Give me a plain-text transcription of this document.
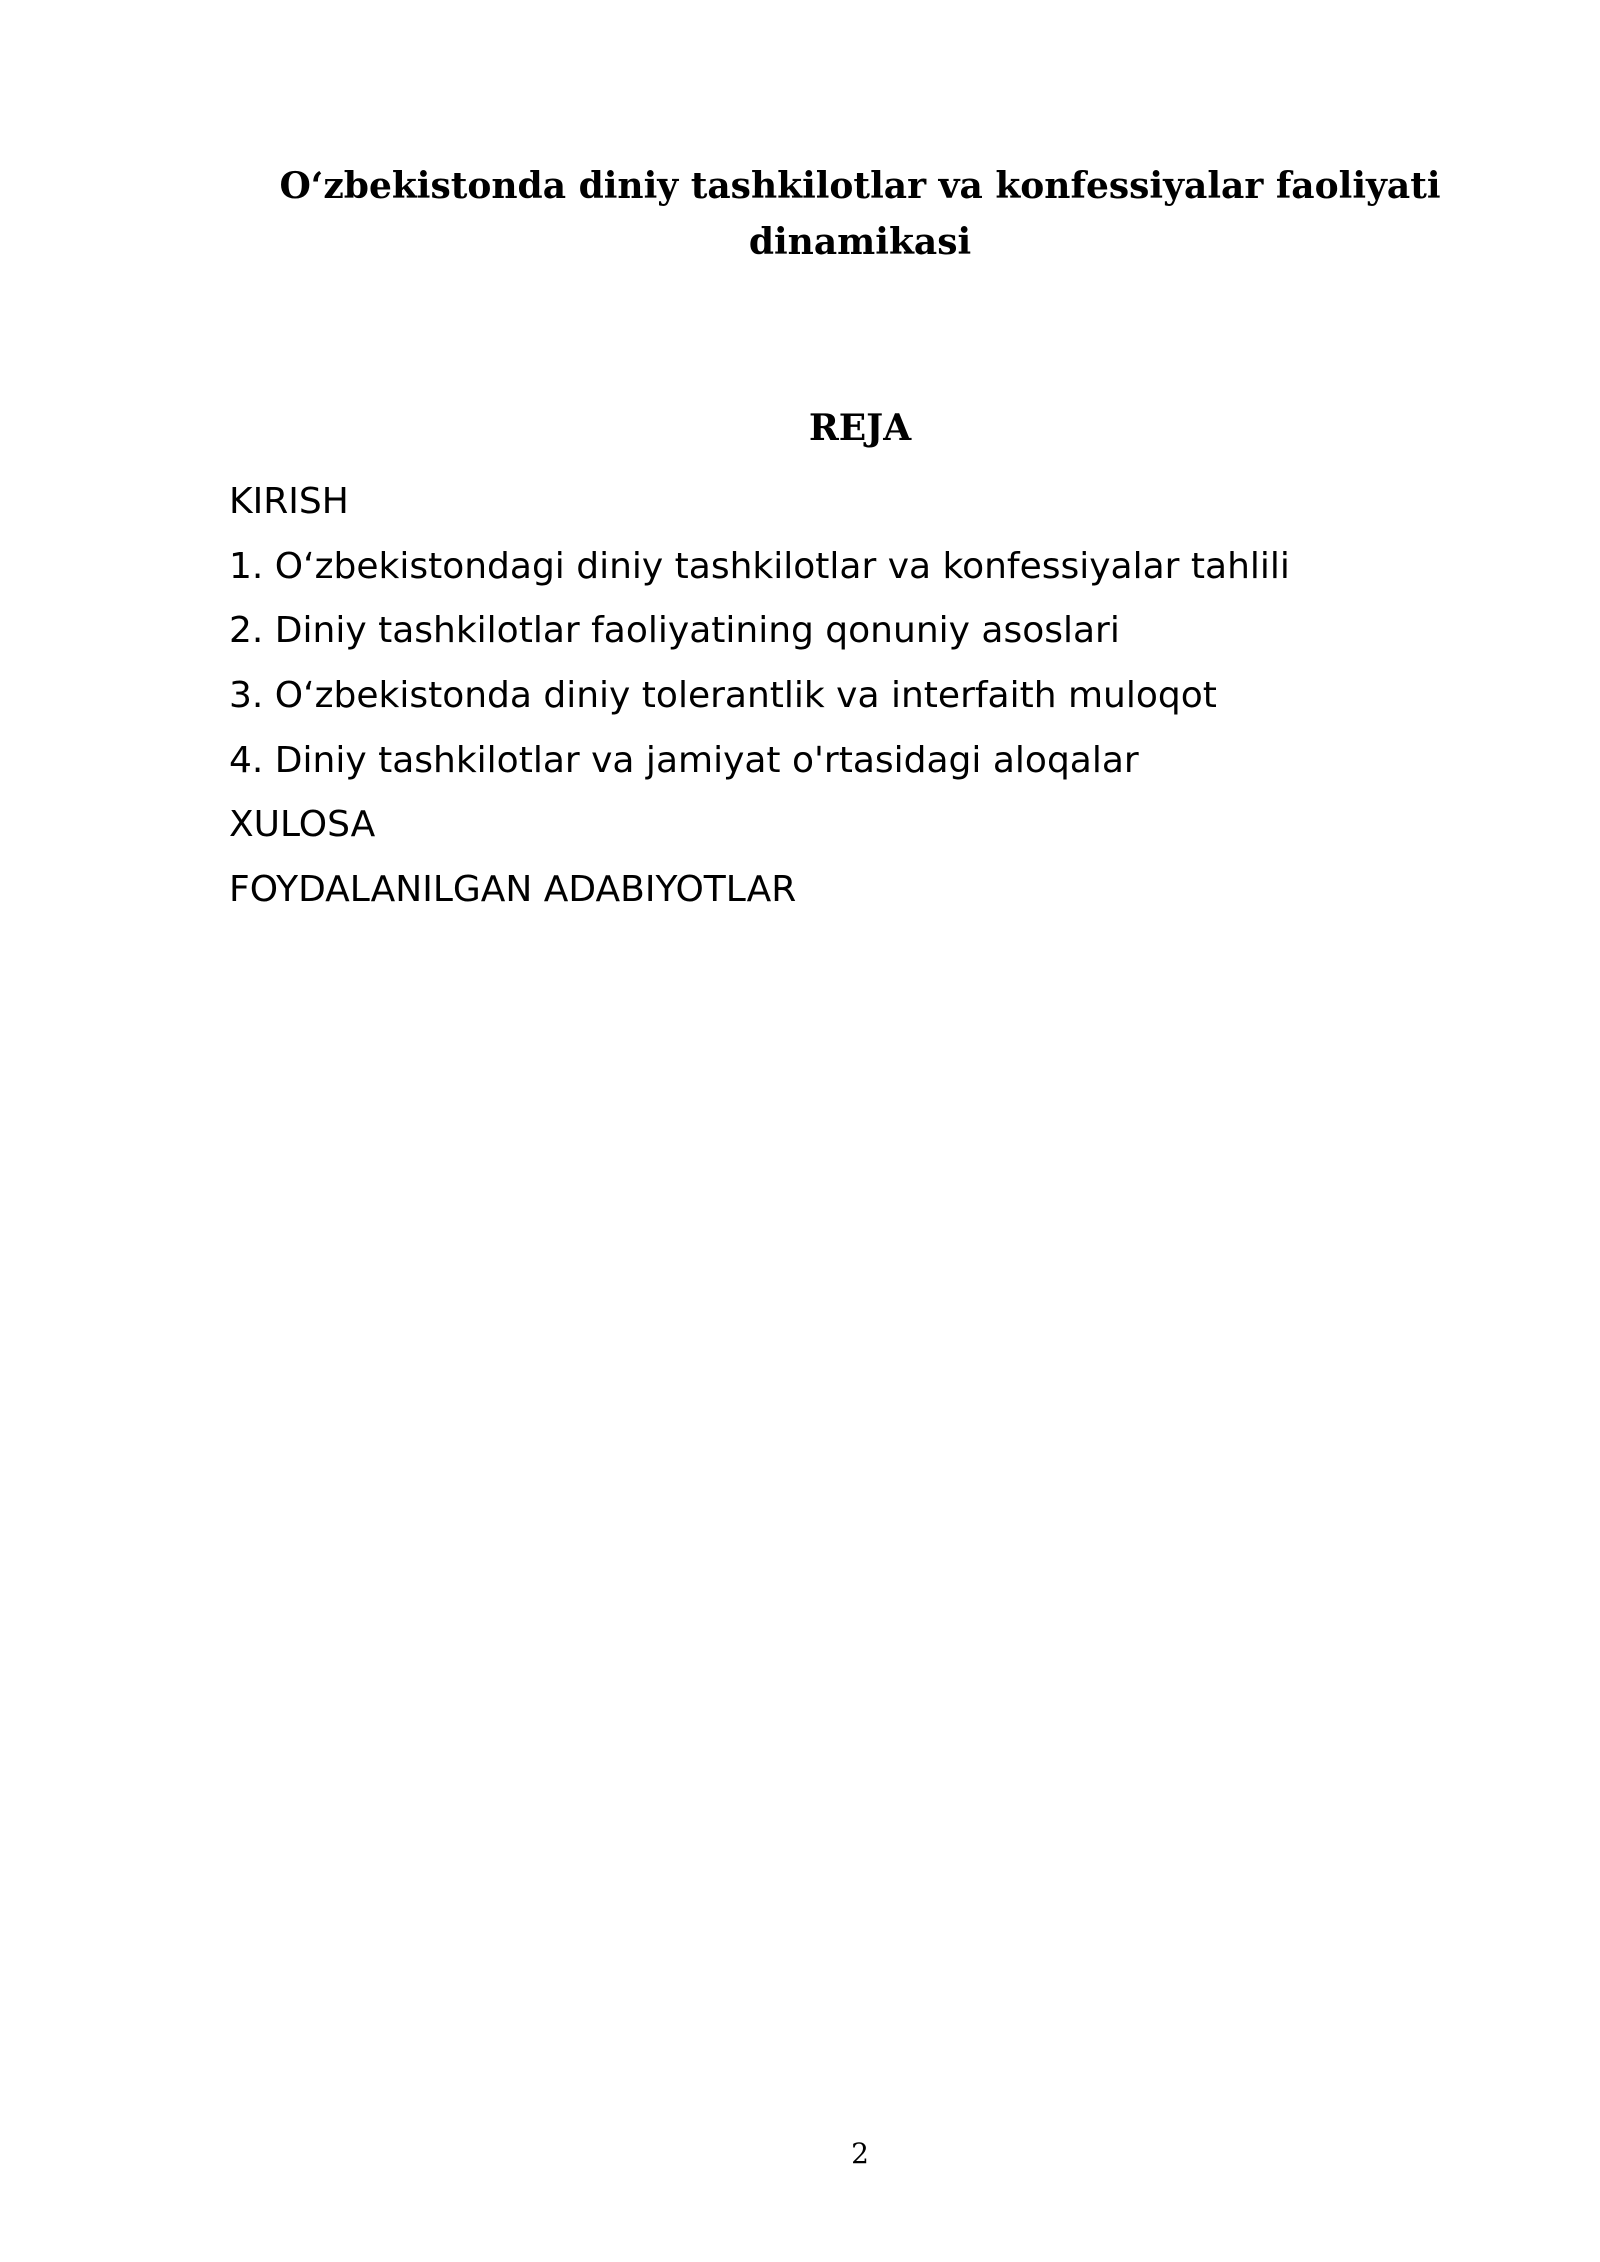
O‘zbekistonda diniy tashkilotlar va konfessiyalar faoliyati
dinamikasi
REJA
KIRISH
1. O‘zbekistondagi diniy tashkilotlar va konfessiyalar tahlili
2. Diniy tashkilotlar faoliyatining qonuniy asoslari
3. O‘zbekistonda diniy tolerantlik va interfaith muloqot
4. Diniy tashkilotlar va jamiyat o'rtasidagi aloqalar
XULOSA
FOYDALANILGAN ADABIYOTLAR
2
